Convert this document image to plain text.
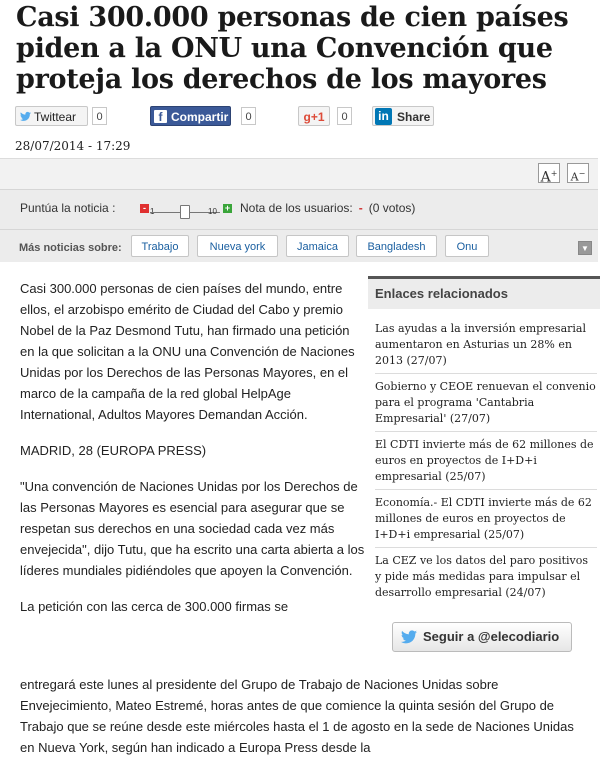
Casi 300.000 personas de cien países piden a la ONU una Convención que proteja los derechos de los mayores
Twittear	0	f Compartir	0	g+1	0	in Share
28/07/2014 - 17:29
A+	A−
Puntúa la noticia :	-	10 + Nota de los usuarios: - (0 votos)
Más noticias sobre:	Trabajo	Nueva york	Jamaica	Bangladesh	Onu	▼

Casi 300.000 personas de cien países del mundo, entre ellos, el arzobispo emérito de Ciudad del Cabo y premio Nobel de la Paz Desmond Tutu, han firmado una petición en la que solicitan a la ONU una Convención de Naciones Unidas por los Derechos de las Personas Mayores, en el marco de la campaña de la red global HelpAge International, Adultos Mayores Demandan Acción.

MADRID, 28 (EUROPA PRESS)

"Una convención de Naciones Unidas por los Derechos de las Personas Mayores es esencial para asegurar que se respetan sus derechos en una sociedad cada vez más envejecida", dijo Tutu, que ha escrito una carta abierta a los líderes mundiales pidiéndoles que apoyen la Convención.

La petición con las cerca de 300.000 firmas se

entregará este lunes al presidente del Grupo de Trabajo de Naciones Unidas sobre Envejecimiento, Mateo Estremé, horas antes de que comience la quinta sesión del Grupo de Trabajo que se reúne desde este miércoles hasta el 1 de agosto en la sede de Naciones Unidas en Nueva York, según han indicado a Europa Press desde la
Enlaces relacionados
Las ayudas a la inversión empresarial aumentaron en Asturias un 28% en 2013 (27/07)
Gobierno y CEOE renuevan el convenio para el programa 'Cantabria Empresarial' (27/07)
El CDTI invierte más de 62 millones de euros en proyectos de I+D+i empresarial (25/07)
Economía.- El CDTI invierte más de 62 millones de euros en proyectos de I+D+i empresarial (25/07)
La CEZ ve los datos del paro positivos y pide más medidas para impulsar el desarrollo empresarial (24/07)
Seguir a @elecodiario
